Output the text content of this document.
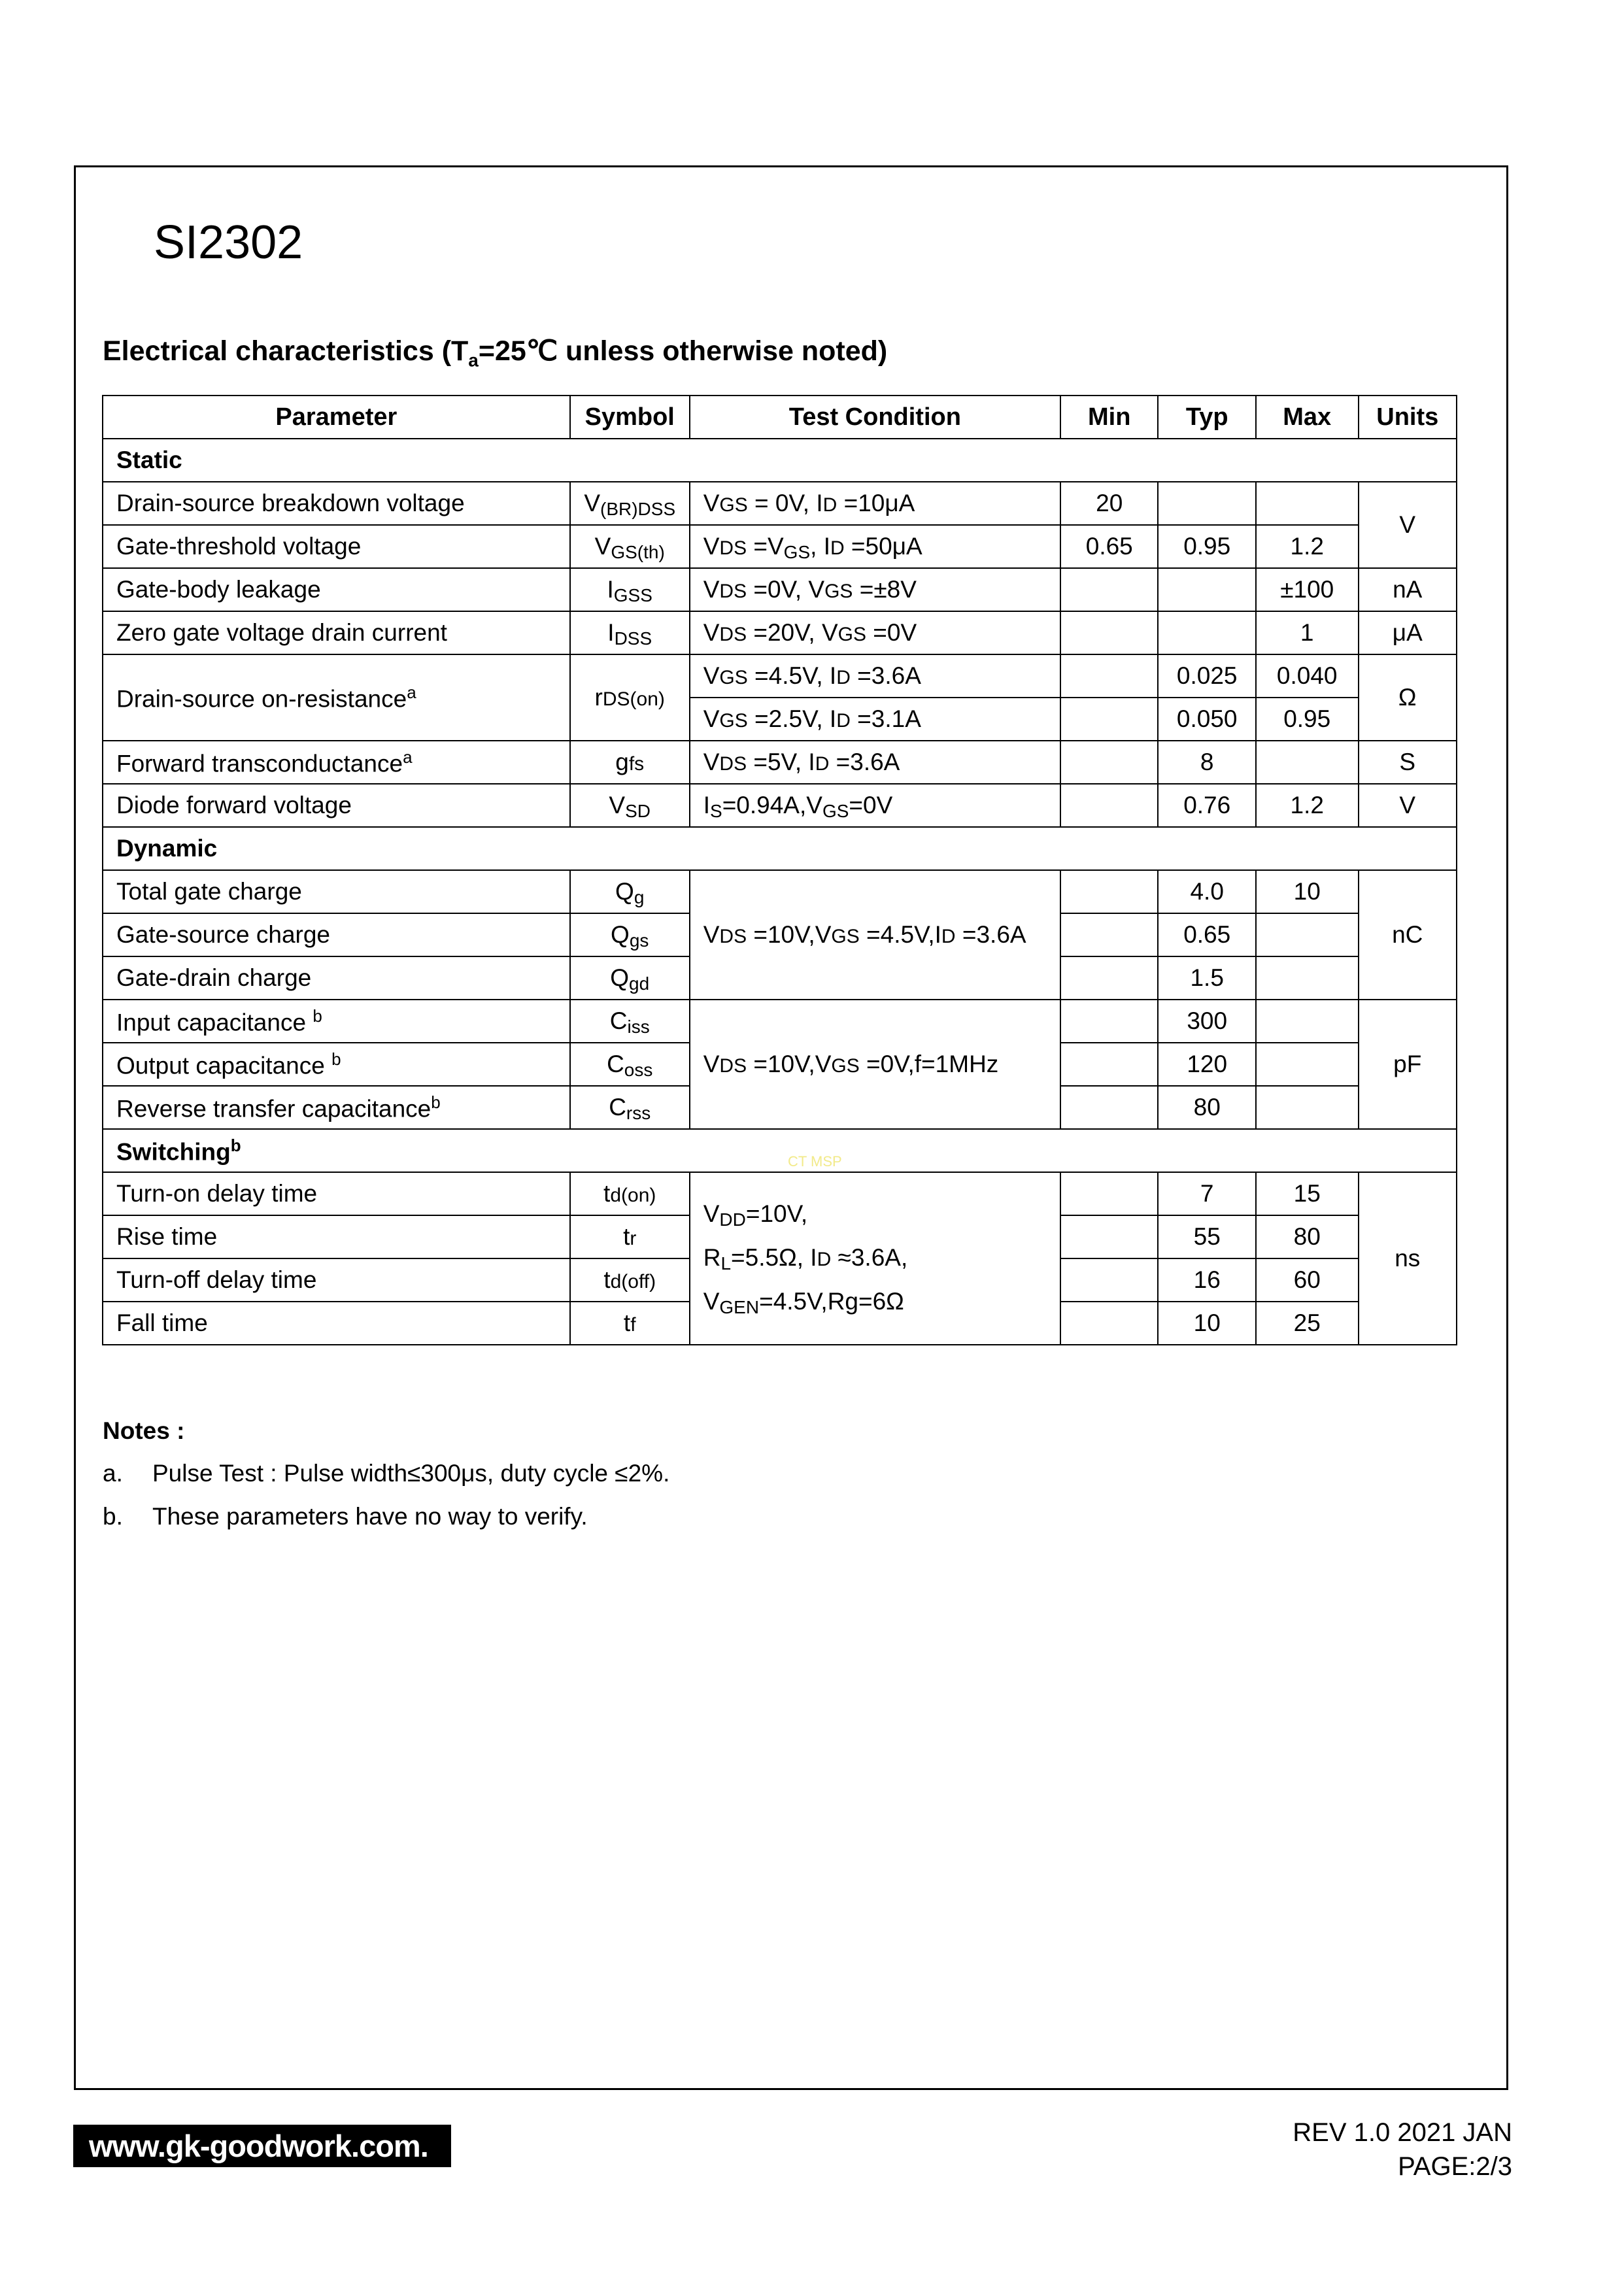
SI2302
Electrical characteristics ($T_a=25℃$ unless otherwise noted)
Parameter	Symbol	Test Condition	Min	Typ	Max	Units
Static						
Drain-source breakdown voltage	V(BR)DSS	VGS = 0V, ID =10μA	20			V
Gate-threshold voltage	VGS(th)	VDS =VGS, ID =50μA	0.65	0.95	1.2	
Gate-body leakage	IGSS	VDS =0V, VGS =±8V			±100	nA
Zero gate voltage drain current	IDSS	VDS =20V, VGS =0V			1	μA
Drain-source on-resistance$^a$	rDS(on)	VGS =4.5V, ID =3.6A		0.025	0.040	Ω
		VGS =2.5V, ID =3.1A		0.050	0.95	
Forward transconductance$^a$	gfs	VDS =5V, ID =3.6A		8		S
Diode forward voltage	VSD	IS=0.94A,VGS=0V		0.76	1.2	V
Dynamic						
Total gate charge	Qg	VDS =10V,VGS =4.5V,ID =3.6A		4.0	10	nC
Gate-source charge	Qgs			0.65		
Gate-drain charge	Qgd			1.5		
Input capacitance $^b$	Ciss	VDS =10V,VGS =0V,f=1MHz		300		pF
Output capacitance $^b$	Coss			120		
Reverse transfer capacitance$^b$	Crss			80		
Switching$^b$
Turn-on delay time	td(on)	VDD=10V,
RL=5.5Ω, ID ≈3.6A,
VGEN=4.5V,Rg=6Ω		7	15	ns
Rise time	tr			55	80	
Turn-off delay time	td(off)			16	60	
Fall time	tf			10	25	
CT MSP
Notes :
a. Pulse Test : Pulse width≤300μs, duty cycle ≤2%.
b. These parameters have no way to verify.
www.gk-goodwork.com.	REV 1.0 2021 JAN
PAGE:2/3
